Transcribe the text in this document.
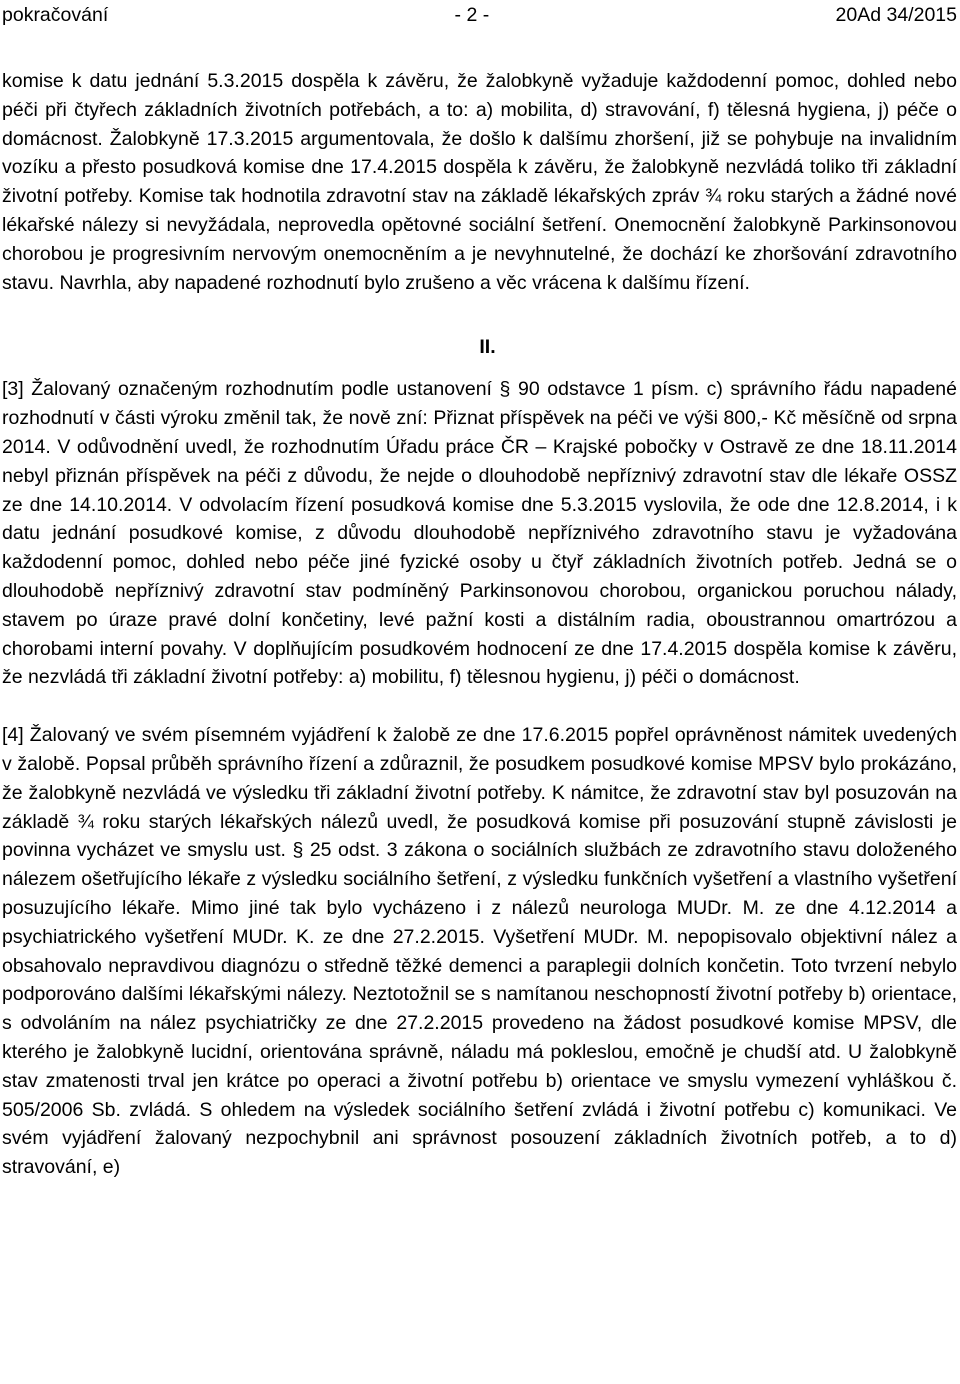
pokračování	- 2 -	20Ad 34/2015

komise k datu jednání 5.3.2015 dospěla k závěru, že žalobkyně vyžaduje každodenní pomoc, dohled nebo péči při čtyřech základních životních potřebách, a to: a) mobilita, d) stravování, f) tělesná hygiena, j) péče o domácnost. Žalobkyně 17.3.2015 argumentovala, že došlo k dalšímu zhoršení, již se pohybuje na invalidním vozíku a přesto posudková komise dne 17.4.2015 dospěla k závěru, že žalobkyně nezvládá toliko tři základní životní potřeby. Komise tak hodnotila zdravotní stav na základě lékařských zpráv ¾ roku starých a žádné nové lékařské nálezy si nevyžádala, neprovedla opětovné sociální šetření. Onemocnění žalobkyně Parkinsonovou chorobou je progresivním nervovým onemocněním a je nevyhnutelné, že dochází ke zhoršování zdravotního stavu. Navrhla, aby napadené rozhodnutí bylo zrušeno a věc vrácena k dalšímu řízení.

II.

[3] Žalovaný označeným rozhodnutím podle ustanovení § 90 odstavce 1 písm. c) správního řádu napadené rozhodnutí v části výroku změnil tak, že nově zní: Přiznat příspěvek na péči ve výši 800,- Kč měsíčně od srpna 2014. V odůvodnění uvedl, že rozhodnutím Úřadu práce ČR – Krajské pobočky v Ostravě ze dne 18.11.2014 nebyl přiznán příspěvek na péči z důvodu, že nejde o dlouhodobě nepříznivý zdravotní stav dle lékaře OSSZ ze dne 14.10.2014. V odvolacím řízení posudková komise dne 5.3.2015 vyslovila, že ode dne 12.8.2014, i k datu jednání posudkové komise, z důvodu dlouhodobě nepříznivého zdravotního stavu je vyžadována každodenní pomoc, dohled nebo péče jiné fyzické osoby u čtyř základních životních potřeb. Jedná se o dlouhodobě nepříznivý zdravotní stav podmíněný Parkinsonovou chorobou, organickou poruchou nálady, stavem po úraze pravé dolní končetiny, levé pažní kosti a distálním radia, oboustrannou omartrózou a chorobami interní povahy. V doplňujícím posudkovém hodnocení ze dne 17.4.2015 dospěla komise k závěru, že nezvládá tři základní životní potřeby: a) mobilitu, f) tělesnou hygienu, j) péči o domácnost.

[4] Žalovaný ve svém písemném vyjádření k žalobě ze dne 17.6.2015 popřel oprávněnost námitek uvedených v žalobě. Popsal průběh správního řízení a zdůraznil, že posudkem posudkové komise MPSV bylo prokázáno, že žalobkyně nezvládá ve výsledku tři základní životní potřeby. K námitce, že zdravotní stav byl posuzován na základě ¾ roku starých lékařských nálezů uvedl, že posudková komise při posuzování stupně závislosti je povinna vycházet ve smyslu ust. § 25 odst. 3 zákona o sociálních službách ze zdravotního stavu doloženého nálezem ošetřujícího lékaře z výsledku sociálního šetření, z výsledku funkčních vyšetření a vlastního vyšetření posuzujícího lékaře. Mimo jiné tak bylo vycházeno i z nálezů neurologa MUDr. M. ze dne 4.12.2014 a psychiatrického vyšetření MUDr. K. ze dne 27.2.2015. Vyšetření MUDr. M. nepopisovalo objektivní nález a obsahovalo nepravdivou diagnózu o středně těžké demenci a paraplegii dolních končetin. Toto tvrzení nebylo podporováno dalšími lékařskými nálezy. Neztotožnil se s namítanou neschopností životní potřeby b) orientace, s odvoláním na nález psychiatričky ze dne 27.2.2015 provedeno na žádost posudkové komise MPSV, dle kterého je žalobkyně lucidní, orientována správně, náladu má pokleslou, emočně je chudší atd. U žalobkyně stav zmatenosti trval jen krátce po operaci a životní potřebu b) orientace ve smyslu vymezení vyhláškou č. 505/2006 Sb. zvládá. S ohledem na výsledek sociálního šetření zvládá i životní potřebu c) komunikaci. Ve svém vyjádření žalovaný nezpochybnil ani správnost posouzení základních životních potřeb, a to d) stravování, e)
